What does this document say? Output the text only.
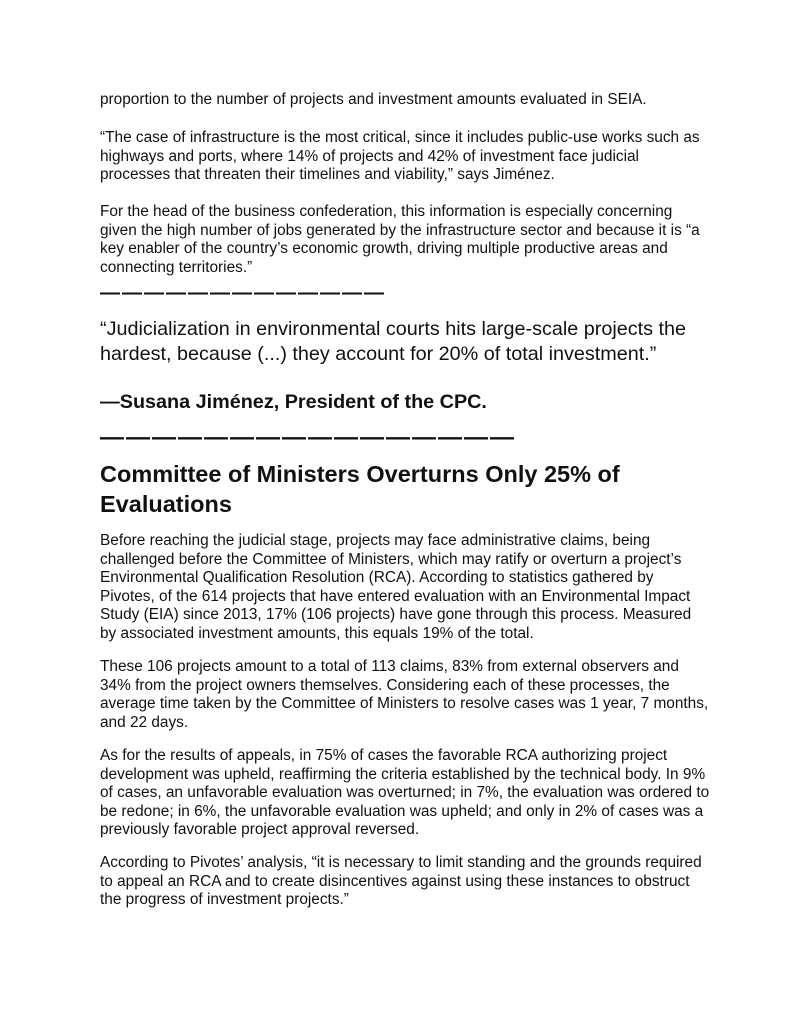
proportion to the number of projects and investment amounts evaluated in SEIA.

“The case of infrastructure is the most critical, since it includes public-use works such as highways and ports, where 14% of projects and 42% of investment face judicial processes that threaten their timelines and viability,” says Jiménez.

For the head of the business confederation, this information is especially concerning given the high number of jobs generated by the infrastructure sector and because it is “a key enabler of the country’s economic growth, driving multiple productive areas and connecting territories.”

—————————————

“Judicialization in environmental courts hits large-scale projects the hardest, because (...) they account for 20% of total investment.”

—Susana Jiménez, President of the CPC.

————————————————
Committee of Ministers Overturns Only 25% of Evaluations

Before reaching the judicial stage, projects may face administrative claims, being challenged before the Committee of Ministers, which may ratify or overturn a project’s Environmental Qualification Resolution (RCA). According to statistics gathered by Pivotes, of the 614 projects that have entered evaluation with an Environmental Impact Study (EIA) since 2013, 17% (106 projects) have gone through this process. Measured by associated investment amounts, this equals 19% of the total.

These 106 projects amount to a total of 113 claims, 83% from external observers and 34% from the project owners themselves. Considering each of these processes, the average time taken by the Committee of Ministers to resolve cases was 1 year, 7 months, and 22 days.

As for the results of appeals, in 75% of cases the favorable RCA authorizing project development was upheld, reaffirming the criteria established by the technical body. In 9% of cases, an unfavorable evaluation was overturned; in 7%, the evaluation was ordered to be redone; in 6%, the unfavorable evaluation was upheld; and only in 2% of cases was a previously favorable project approval reversed.

According to Pivotes’ analysis, “it is necessary to limit standing and the grounds required to appeal an RCA and to create disincentives against using these instances to obstruct the progress of investment projects.”
